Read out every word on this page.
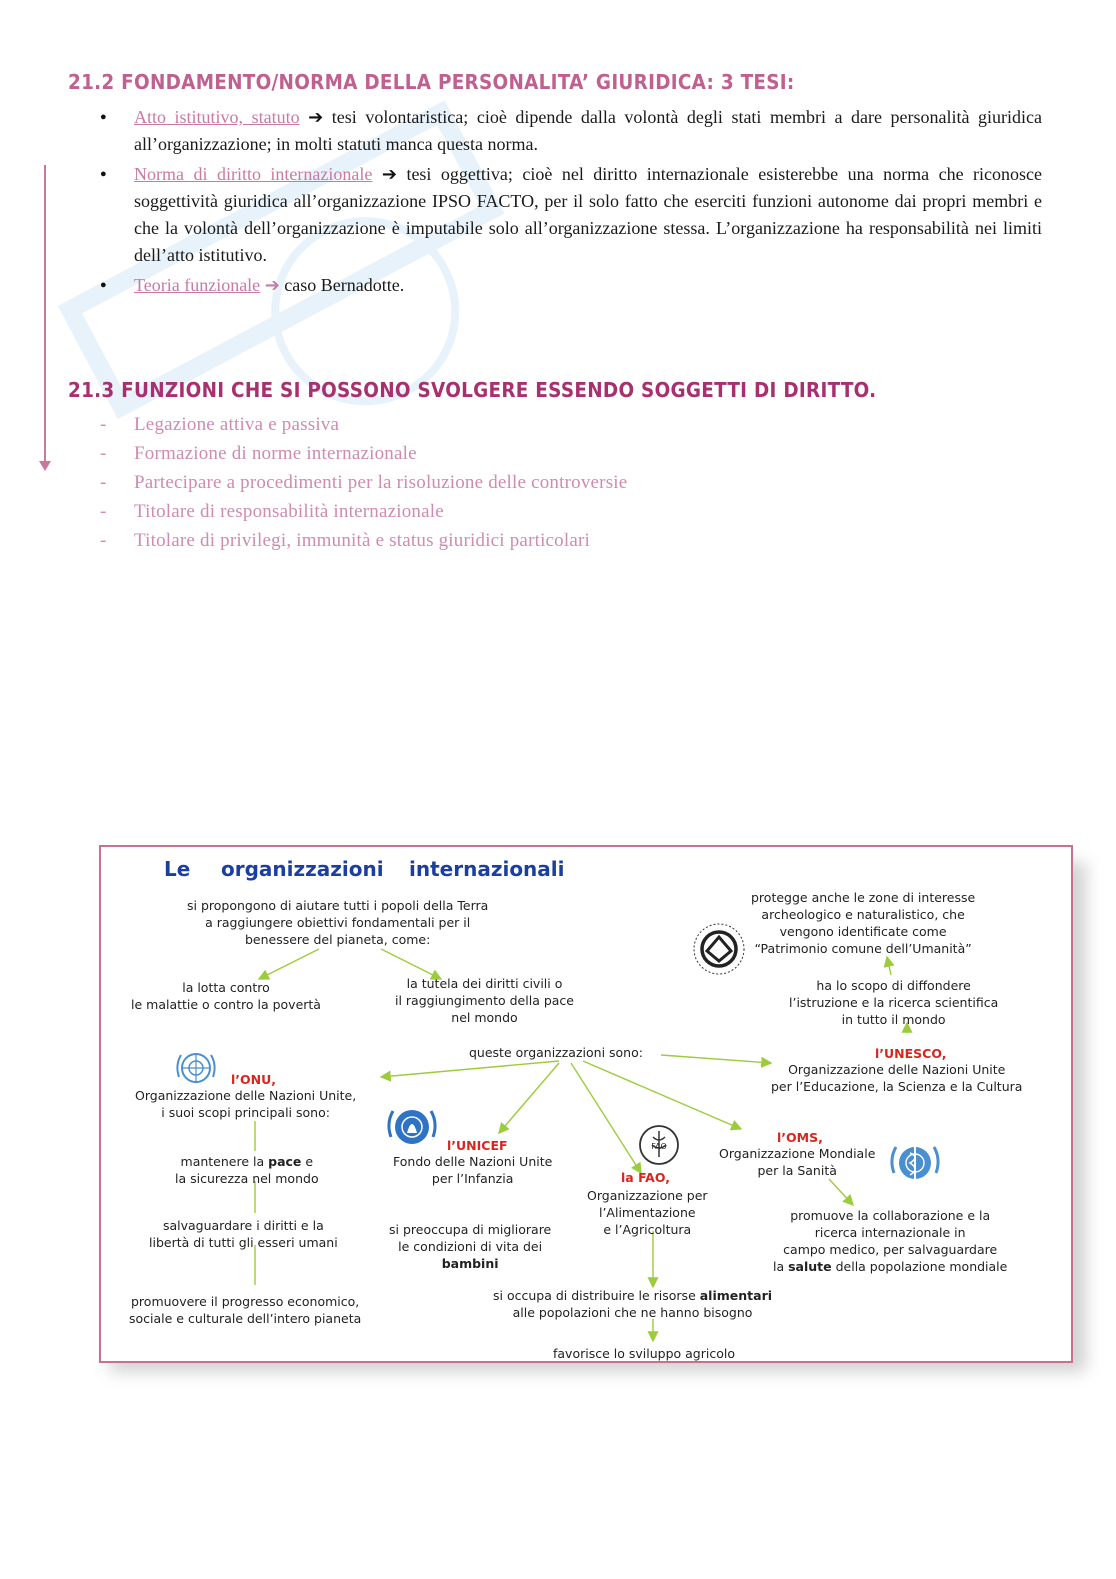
21.2 FONDAMENTO/NORMA DELLA PERSONALITA’ GIURIDICA: 3 TESI:
● Atto istitutivo, statuto ➔ tesi volontaristica; cioè dipende dalla volontà degli stati membri a dare personalità giuridica all’organizzazione; in molti statuti manca questa norma.
● Norma di diritto internazionale ➔ tesi oggettiva; cioè nel diritto internazionale esisterebbe una norma che riconosce soggettività giuridica all’organizzazione IPSO FACTO, per il solo fatto che eserciti funzioni autonome dai propri membri e che la volontà dell’organizzazione è imputabile solo all’organizzazione stessa. L’organizzazione ha responsabilità nei limiti dell’atto istitutivo.
● Teoria funzionale ➔ caso Bernadotte.
21.3 FUNZIONI CHE SI POSSONO SVOLGERE ESSENDO SOGGETTI DI DIRITTO.
- Legazione attiva e passiva
- Formazione di norme internazionale
- Partecipare a procedimenti per la risoluzione delle controversie
- Titolare di responsabilità internazionale
- Titolare di privilegi, immunità e status giuridici particolari
Le organizzazioni internazionali
si propongono di aiutare tutti i popoli della Terra
a raggiungere obiettivi fondamentali per il
benessere del pianeta, come:
la lotta contro
le malattie o contro la povertà
la tutela dei diritti civili o
il raggiungimento della pace
nel mondo
queste organizzazioni sono:
l’ONU,
Organizzazione delle Nazioni Unite,
i suoi scopi principali sono:
mantenere la pace e
la sicurezza nel mondo
salvaguardare i diritti e la
libertà di tutti gli esseri umani
promuovere il progresso economico,
sociale e culturale dell’intero pianeta
l’UNICEF
Fondo delle Nazioni Unite
per l’Infanzia
si preoccupa di migliorare
le condizioni di vita dei
bambini
FAO
la FAO,
Organizzazione per
l’Alimentazione
e l’Agricoltura
si occupa di distribuire le risorse alimentari
alle popolazioni che ne hanno bisogno
favorisce lo sviluppo agricolo
l’OMS,
Organizzazione Mondiale
per la Sanità
promuove la collaborazione e la
ricerca internazionale in
campo medico, per salvaguardare
la salute della popolazione mondiale
protegge anche le zone di interesse
archeologico e naturalistico, che
vengono identificate come
“Patrimonio comune dell’Umanità”
ha lo scopo di diffondere
l’istruzione e la ricerca scientifica
in tutto il mondo
l’UNESCO,
Organizzazione delle Nazioni Unite
per l’Educazione, la Scienza e la Cultura
